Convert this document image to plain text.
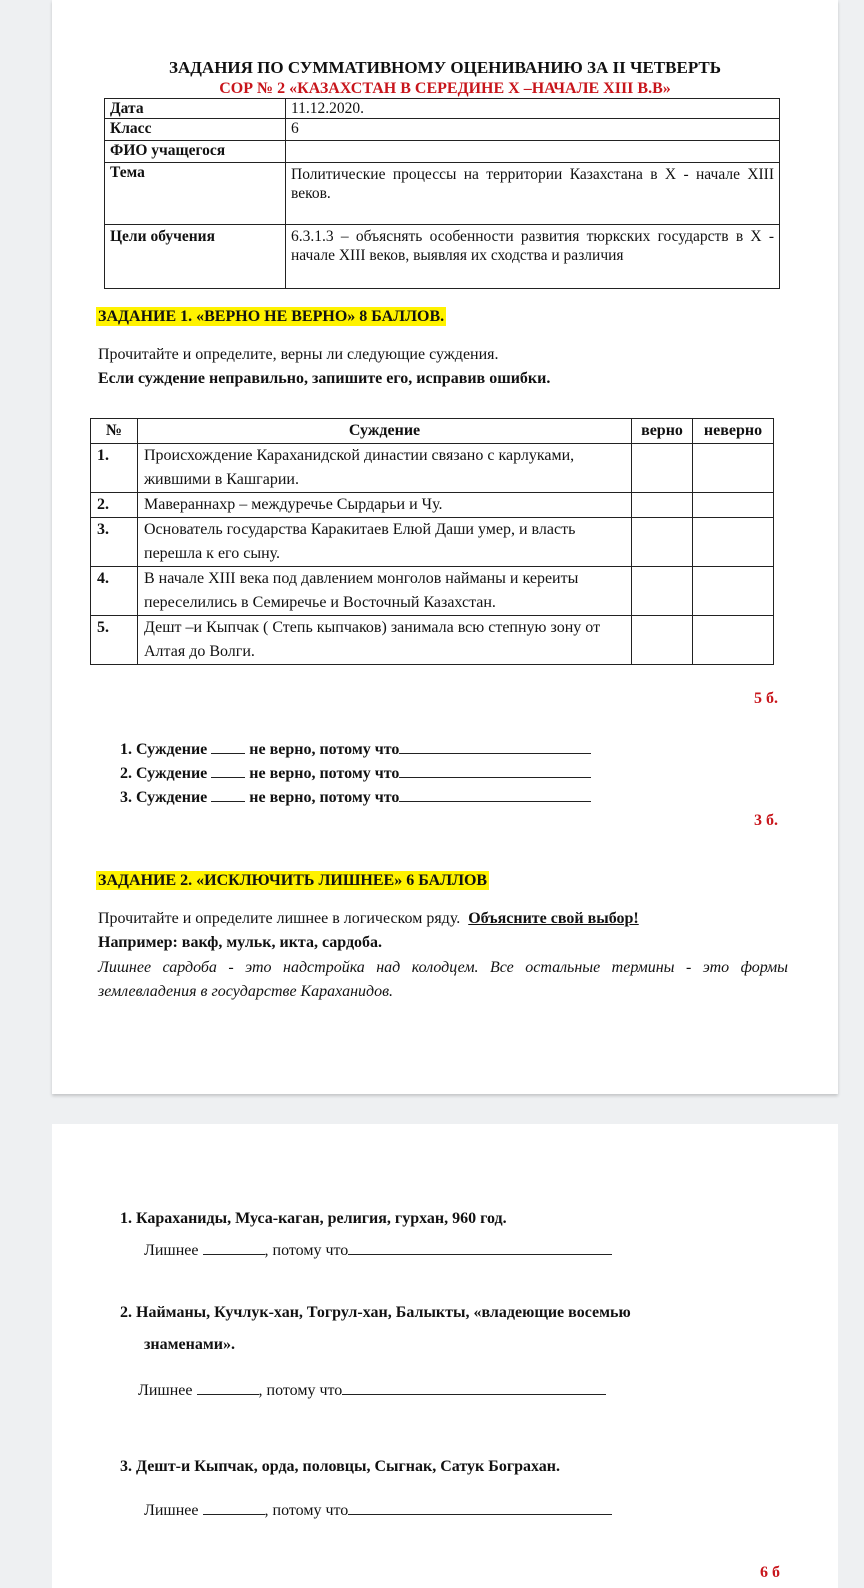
ЗАДАНИЯ ПО СУММАТИВНОМУ ОЦЕНИВАНИЮ ЗА II ЧЕТВЕРТЬ
СОР № 2 «КАЗАХСТАН В СЕРЕДИНЕ Х –НАЧАЛЕ XIII В.В»
Дата	11.12.2020.
Класс	6
ФИО учащегося	
Тема	Политические процессы на территории Казахстана в Х - начале XIII веков.
Цели обучения	6.3.1.3 – объяснять особенности развития тюркских государств в Х - начале XIII веков, выявляя их сходства и различия
ЗАДАНИЕ 1. «ВЕРНО НЕ ВЕРНО» 8 БАЛЛОВ.
Прочитайте и определите, верны ли следующие суждения.
Если суждение неправильно, запишите его, исправив ошибки.
№	Суждение	верно	неверно
1.	Происхождение Караханидской династии связано с карлуками, жившими в Кашгарии.		
2.	Мавераннахр – междуречье Сырдарьи и Чу.		
3.	Основатель государства Каракитаев Елюй Даши умер, и власть перешла к его сыну.		
4.	В начале XIII века под давлением монголов найманы и кереиты переселились в Семиречье и Восточный Казахстан.		
5.	Дешт –и Кыпчак ( Степь кыпчаков) занимала всю степную зону от Алтая до Волги.		
5 б.
1. Суждение	не верно, потому что
2. Суждение	не верно, потому что
3. Суждение	не верно, потому что
3 б.
ЗАДАНИЕ 2. «ИСКЛЮЧИТЬ ЛИШНЕЕ» 6 БАЛЛОВ
Прочитайте и определите лишнее в логическом ряду. Объясните свой выбор!
Например: вакф, мульк, икта, сардоба.
Лишнее сардоба - это надстройка над колодцем. Все остальные термины - это формы землевладения в государстве Караханидов.
1. Караханиды, Муса-каган, религия, гурхан, 960 год.
Лишнее	, потому что
2. Найманы, Кучлук-хан, Тогрул-хан, Балыкты, «владеющие восемью
знаменами».
Лишнее	, потому что
3. Дешт-и Кыпчак, орда, половцы, Сыгнак, Сатук Бограхан.
Лишнее	, потому что
6 б
